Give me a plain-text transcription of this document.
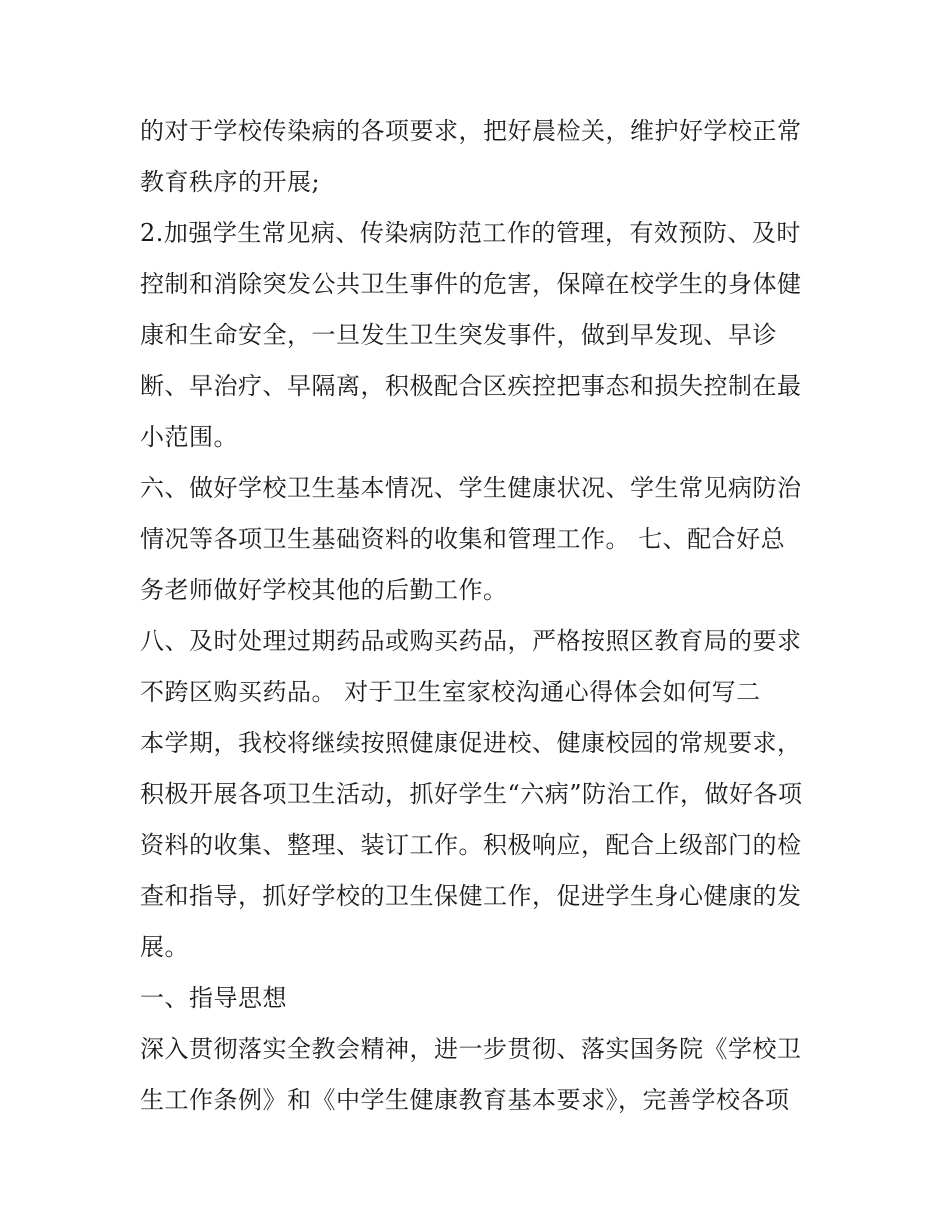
的对于学校传染病的各项要求，把好晨检关，维护好学校正常
教育秩序的开展;
2.加强学生常见病、传染病防范工作的管理，有效预防、及时
控制和消除突发公共卫生事件的危害，保障在校学生的身体健
康和生命安全，一旦发生卫生突发事件，做到早发现、早诊
断、早治疗、早隔离，积极配合区疾控把事态和损失控制在最
小范围。
六、做好学校卫生基本情况、学生健康状况、学生常见病防治
情况等各项卫生基础资料的收集和管理工作。 七、配合好总
务老师做好学校其他的后勤工作。
八、及时处理过期药品或购买药品，严格按照区教育局的要求
不跨区购买药品。 对于卫生室家校沟通心得体会如何写二
本学期，我校将继续按照健康促进校、健康校园的常规要求，
积极开展各项卫生活动，抓好学生“六病”防治工作，做好各项
资料的收集、整理、装订工作。积极响应，配合上级部门的检
查和指导，抓好学校的卫生保健工作，促进学生身心健康的发
展。
一、指导思想
深入贯彻落实全教会精神，进一步贯彻、落实国务院《学校卫
生工作条例》和《中学生健康教育基本要求》，完善学校各项
